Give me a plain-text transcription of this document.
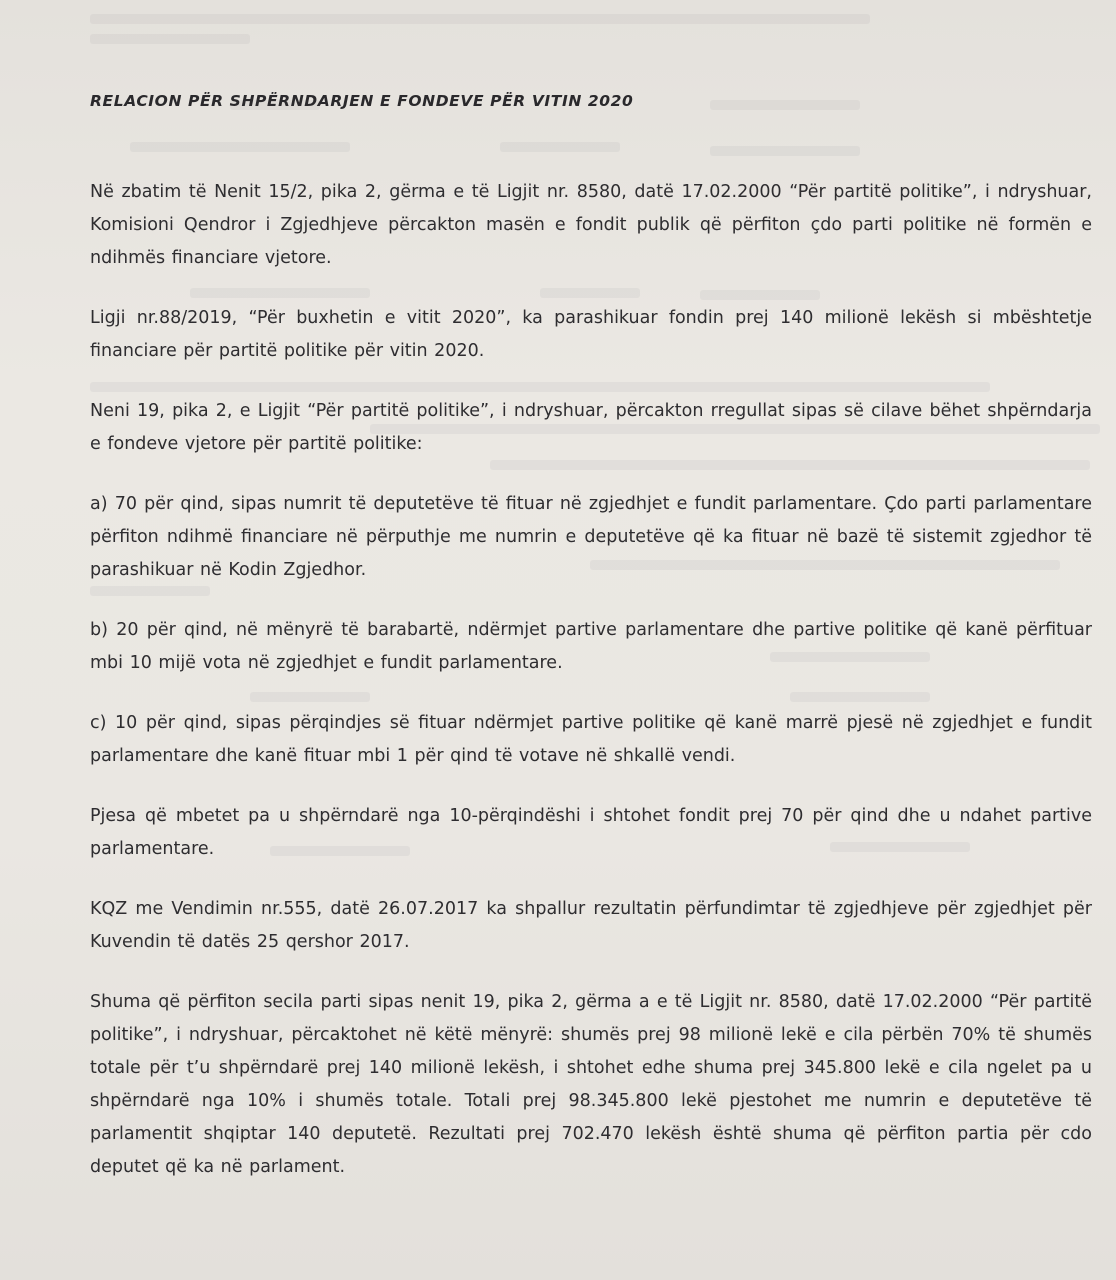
RELACION PËR SHPËRNDARJEN E FONDEVE PËR VITIN 2020

Në zbatim të Nenit 15/2, pika 2, gërma e të Ligjit nr. 8580, datë 17.02.2000 “Për partitë politike”, i ndryshuar, Komisioni Qendror i Zgjedhjeve përcakton masën e fondit publik që përfiton çdo parti politike në formën e ndihmës financiare vjetore.

Ligji nr.88/2019, “Për buxhetin e vitit 2020”, ka parashikuar fondin prej 140 milionë lekësh si mbështetje financiare për partitë politike për vitin 2020.

Neni 19, pika 2, e Ligjit “Për partitë politike”, i ndryshuar, përcakton rregullat sipas së cilave bëhet shpërndarja e fondeve vjetore për partitë politike:

a) 70 për qind, sipas numrit të deputetëve të fituar në zgjedhjet e fundit parlamentare. Çdo parti parlamentare përfiton ndihmë financiare në përputhje me numrin e deputetëve që ka fituar në bazë të sistemit zgjedhor të parashikuar në Kodin Zgjedhor.

b) 20 për qind, në mënyrë të barabartë, ndërmjet partive parlamentare dhe partive politike që kanë përfituar mbi 10 mijë vota në zgjedhjet e fundit parlamentare.

c) 10 për qind, sipas përqindjes së fituar ndërmjet partive politike që kanë marrë pjesë në zgjedhjet e fundit parlamentare dhe kanë fituar mbi 1 për qind të votave në shkallë vendi.

Pjesa që mbetet pa u shpërndarë nga 10-përqindëshi i shtohet fondit prej 70 për qind dhe u ndahet partive parlamentare.

KQZ me Vendimin nr.555, datë 26.07.2017 ka shpallur rezultatin përfundimtar të zgjedhjeve për zgjedhjet për Kuvendin të datës 25 qershor 2017.

Shuma që përfiton secila parti sipas nenit 19, pika 2, gërma a e të Ligjit nr. 8580, datë 17.02.2000 “Për partitë politike”, i ndryshuar, përcaktohet në këtë mënyrë: shumës prej 98 milionë lekë e cila përbën 70% të shumës totale për t’u shpërndarë prej 140 milionë lekësh, i shtohet edhe shuma prej 345.800 lekë e cila ngelet pa u shpërndarë nga 10% i shumës totale. Totali prej 98.345.800 lekë pjestohet me numrin e deputetëve të parlamentit shqiptar 140 deputetë. Rezultati prej 702.470 lekësh është shuma që përfiton partia për cdo deputet që ka në parlament.
